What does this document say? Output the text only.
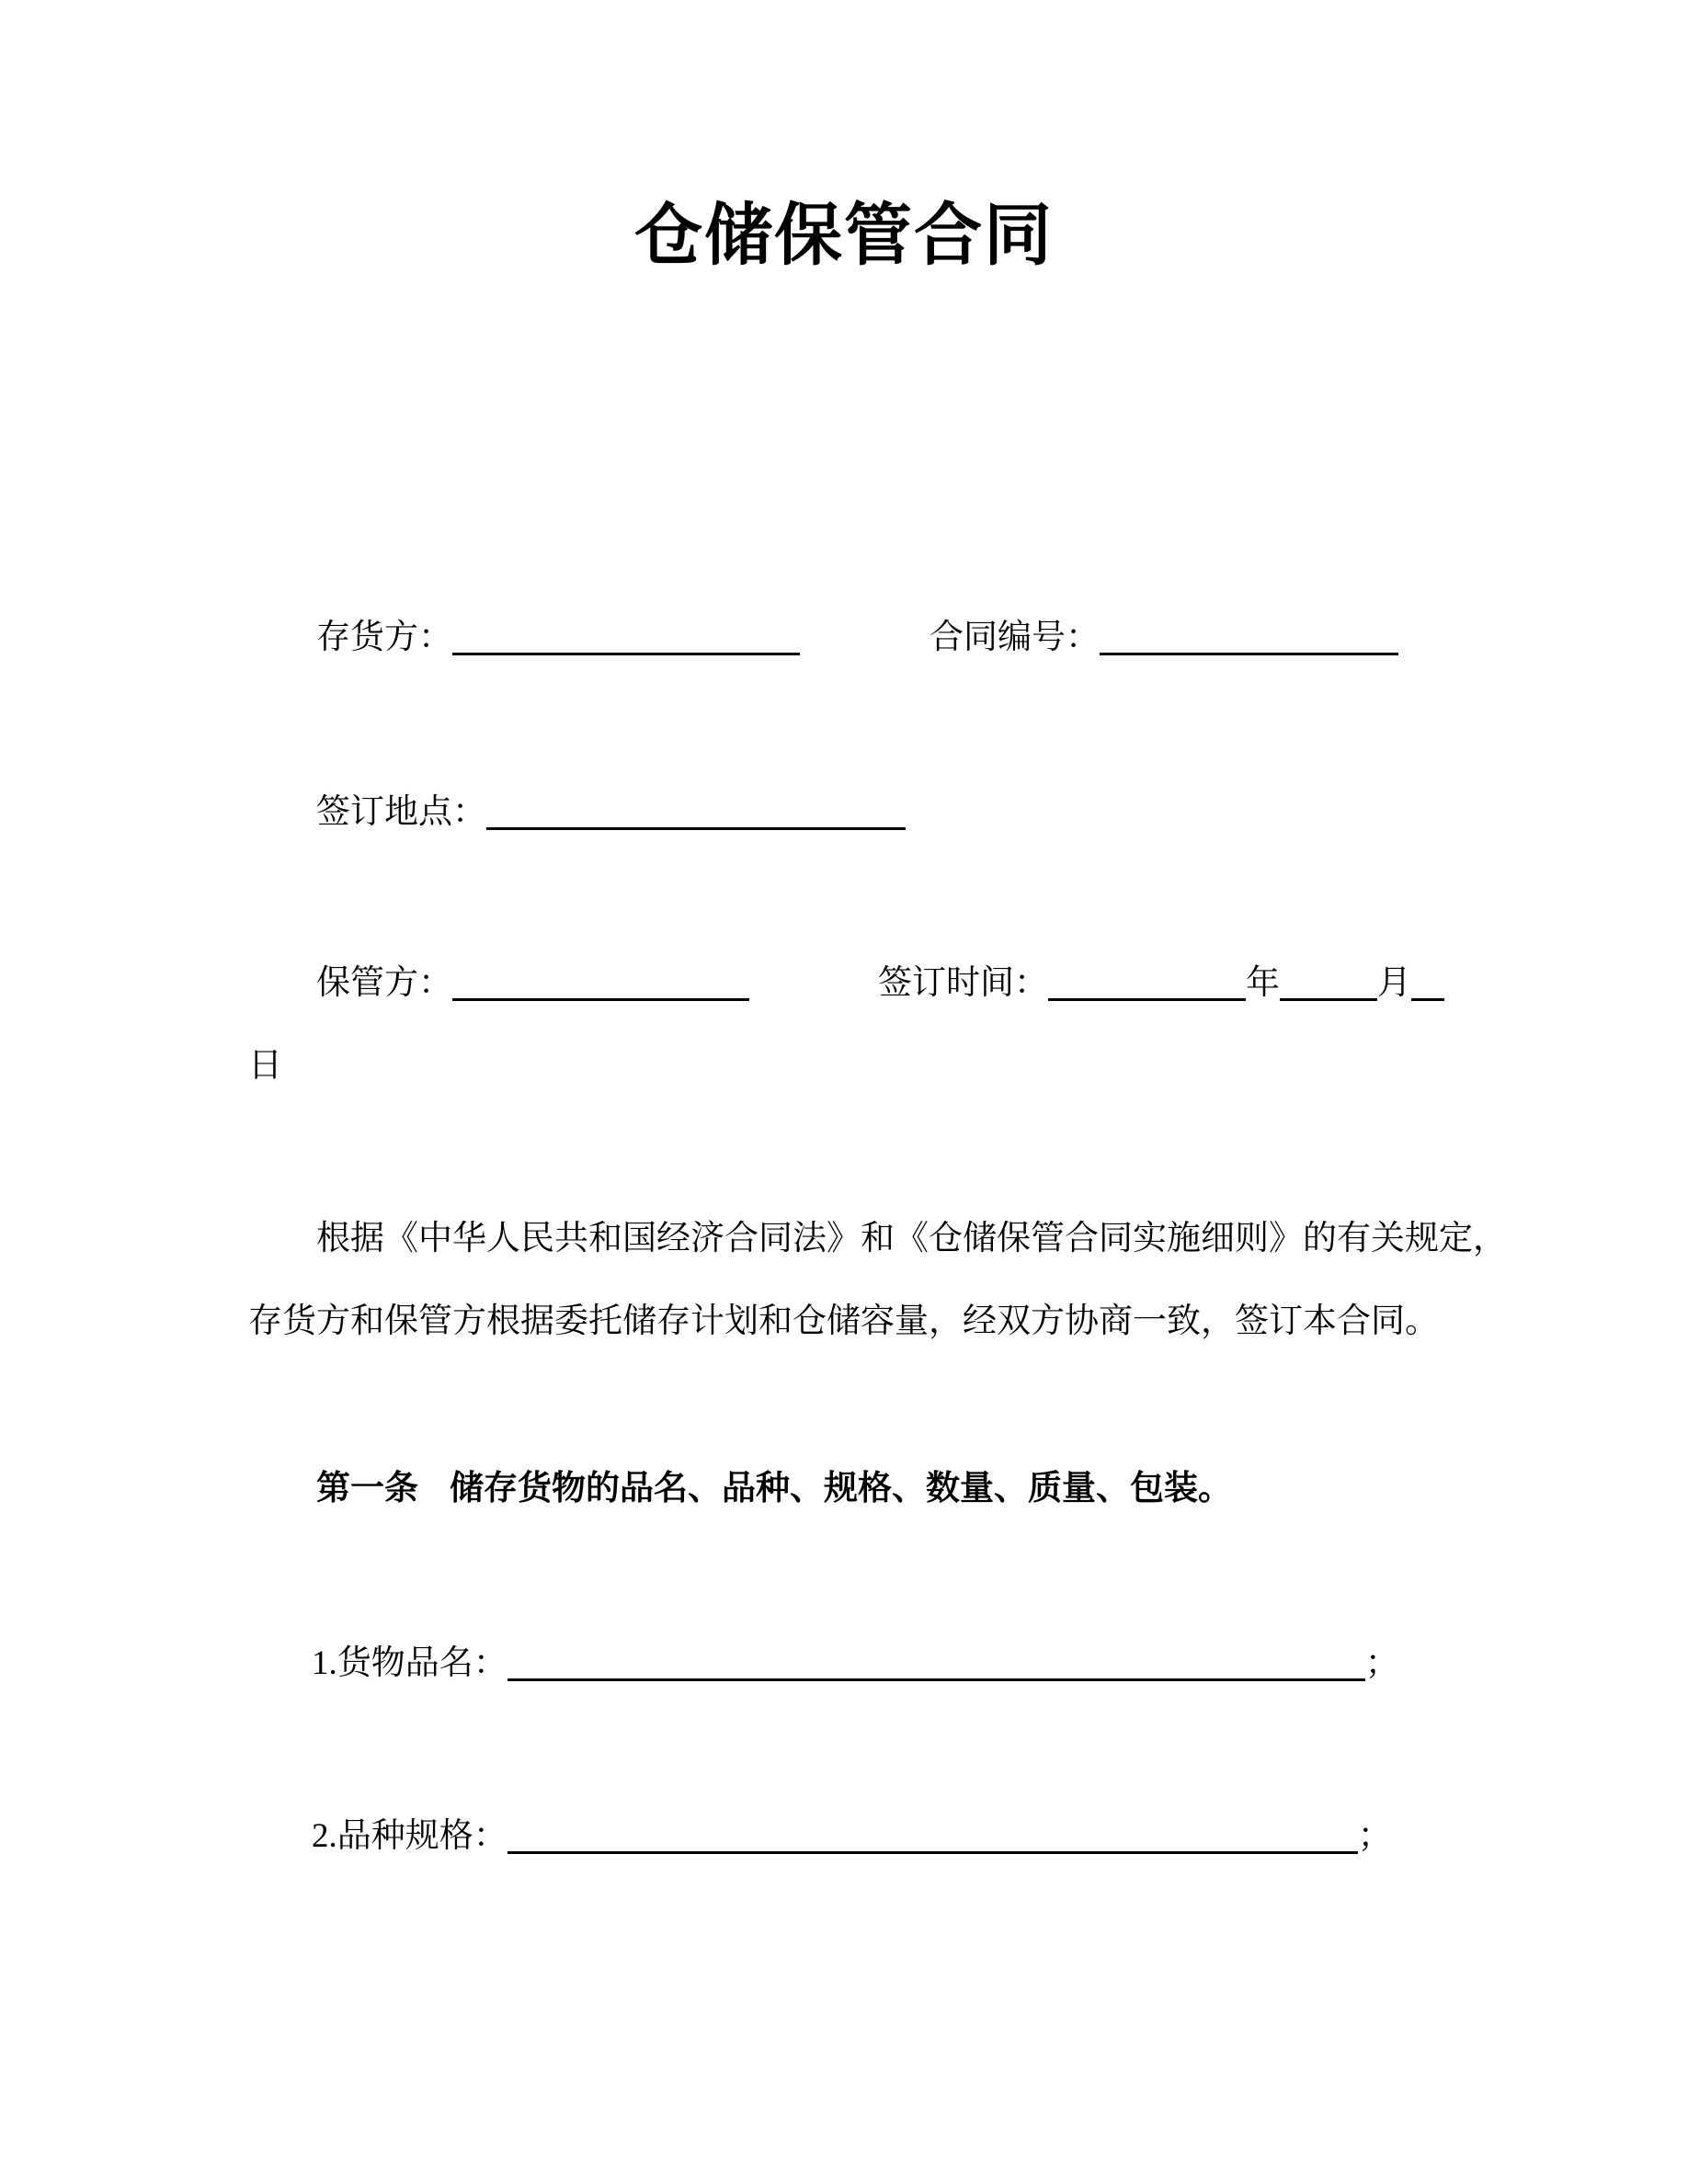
仓储保管合同
存货方：	合同编号：
签订地点：
保管方：	签订时间：	年	月
日
根据《中华人民共和国经济合同法》和《仓储保管合同实施细则》的有关规定，
存货方和保管方根据委托储存计划和仓储容量，经双方协商一致，签订本合同。
第一条 储存货物的品名、品种、规格、数量、质量、包装。
1.货物品名：	；
2.品种规格：	；
